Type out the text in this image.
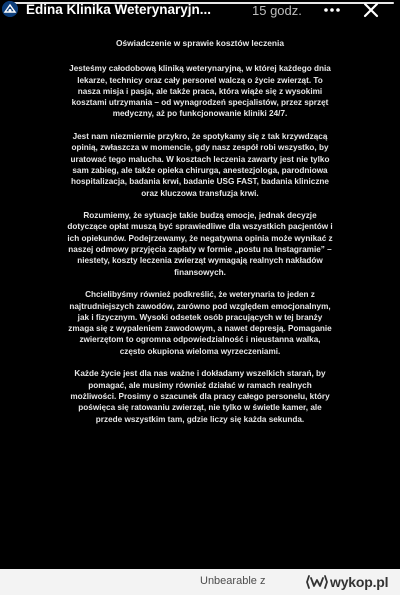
Edina Klinika Weterynaryjn...	15 godz.
Oświadczenie w sprawie kosztów leczenia
Jesteśmy całodobową kliniką weterynaryjną, w której każdego dnia lekarze, technicy oraz cały personel walczą o życie zwierząt. To nasza misja i pasja, ale także praca, która wiąże się z wysokimi kosztami utrzymania – od wynagrodzeń specjalistów, przez sprzęt medyczny, aż po funkcjonowanie kliniki 24/7.
Jest nam niezmiernie przykro, że spotykamy się z tak krzywdzącą opinią, zwłaszcza w momencie, gdy nasz zespół robi wszystko, by uratować tego malucha. W kosztach leczenia zawarty jest nie tylko sam zabieg, ale także opieka chirurga, anestezjologa, parodniowa hospitalizacja, badania krwi, badanie USG FAST, badania kliniczne oraz kluczowa transfuzja krwi.
Rozumiemy, że sytuacje takie budzą emocje, jednak decyzje dotyczące opłat muszą być sprawiedliwe dla wszystkich pacjentów i ich opiekunów. Podejrzewamy, że negatywna opinia może wynikać z naszej odmowy przyjęcia zapłaty w formie „postu na Instagramie” – niestety, koszty leczenia zwierząt wymagają realnych nakładów finansowych.
Chcielibyśmy również podkreślić, że weterynaria to jeden z najtrudniejszych zawodów, zarówno pod względem emocjonalnym, jak i fizycznym. Wysoki odsetek osób pracujących w tej branży zmaga się z wypaleniem zawodowym, a nawet depresją. Pomaganie zwierzętom to ogromna odpowiedzialność i nieustanna walka, często okupiona wieloma wyrzeczeniami.
Każde życie jest dla nas ważne i dokładamy wszelkich starań, by pomagać, ale musimy również działać w ramach realnych możliwości. Prosimy o szacunek dla pracy całego personelu, który poświęca się ratowaniu zwierząt, nie tylko w świetle kamer, ale przede wszystkim tam, gdzie liczy się każda sekunda.
Unbearable z	wykop.pl
